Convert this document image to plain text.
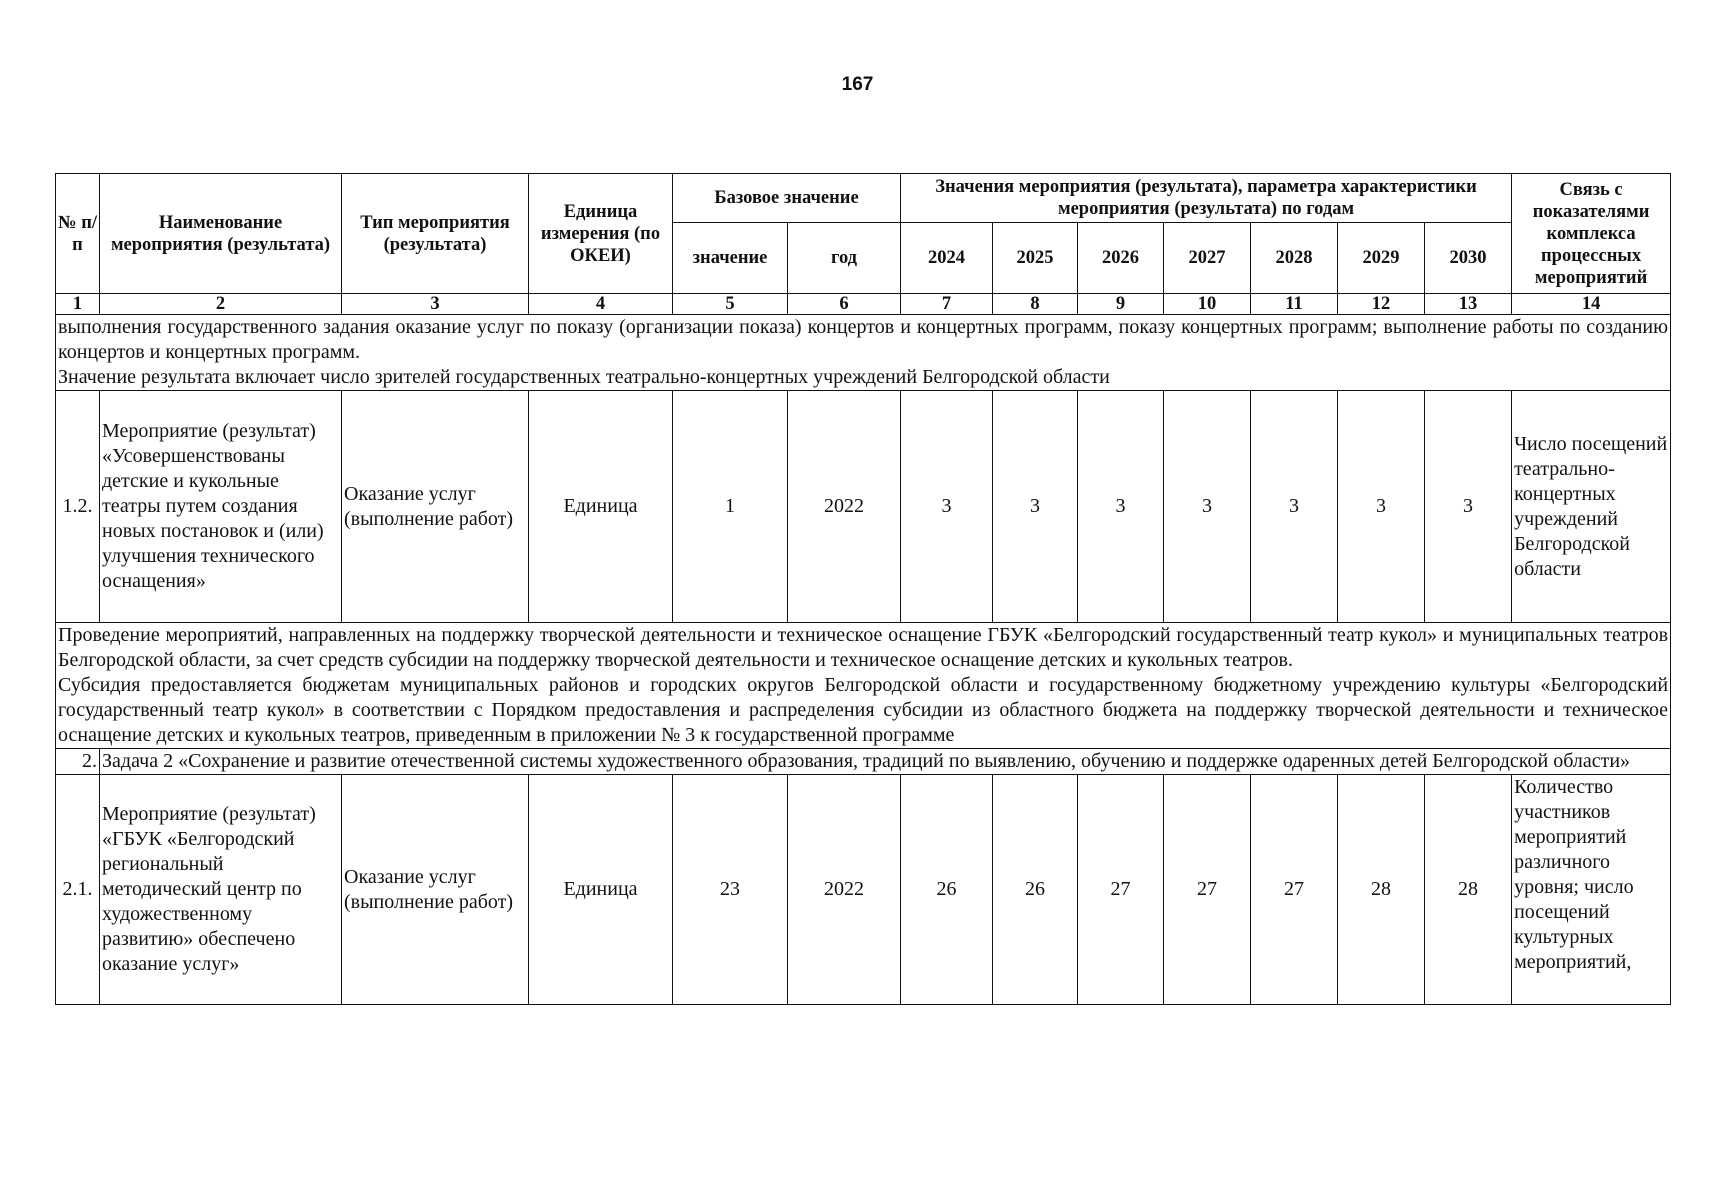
167
№ п/п	Наименование мероприятия (результата)	Тип мероприятия (результата)	Единица измерения (по ОКЕИ)	Базовое значение		Значения мероприятия (результата), параметра характеристики мероприятия (результата) по годам							Связь с показателями комплекса процессных мероприятий
				значение	год	2024	2025	2026	2027	2028	2029	2030	
1	2	3	4	5	6	7	8	9	10	11	12	13	14

выполнения государственного задания оказание услуг по показу (организации показа) концертов и концертных программ, показу концертных программ; выполнение работы по созданию концертов и концертных программ.

Значение результата включает число зрителей государственных театрально-концертных учреждений Белгородской области													

1.2.	Мероприятие (результат) «Усовершенствованы детские и кукольные театры путем создания новых постановок и (или) улучшения технического оснащения»	Оказание услуг (выполнение работ)	Единица	1	2022	3	3	3	3	3	3	3	Число посещений театрально-концертных учреждений Белгородской области

Проведение мероприятий, направленных на поддержку творческой деятельности и техническое оснащение ГБУК «Белгородский государственный театр кукол» и муниципальных театров Белгородской области, за счет средств субсидии на поддержку творческой деятельности и техническое оснащение детских и кукольных театров.

Субсидия предоставляется бюджетам муниципальных районов и городских округов Белгородской области и государственному бюджетному учреждению культуры «Белгородский государственный театр кукол» в соответствии с Порядком предоставления и распределения субсидии из областного бюджета на поддержку творческой деятельности и техническое оснащение детских и кукольных театров, приведенным в приложении № 3 к государственной программе													

2.	Задача 2 «Сохранение и развитие отечественной системы художественного образования, традиций по выявлению, обучению и поддержке одаренных детей Белгородской области»												
2.1.	Мероприятие (результат) «ГБУК «Белгородский региональный методический центр по художественному развитию» обеспечено оказание услуг»	Оказание услуг (выполнение работ)	Единица	23	2022	26	26	27	27	27	28	28	Количество участников мероприятий различного уровня; число посещений культурных мероприятий,
